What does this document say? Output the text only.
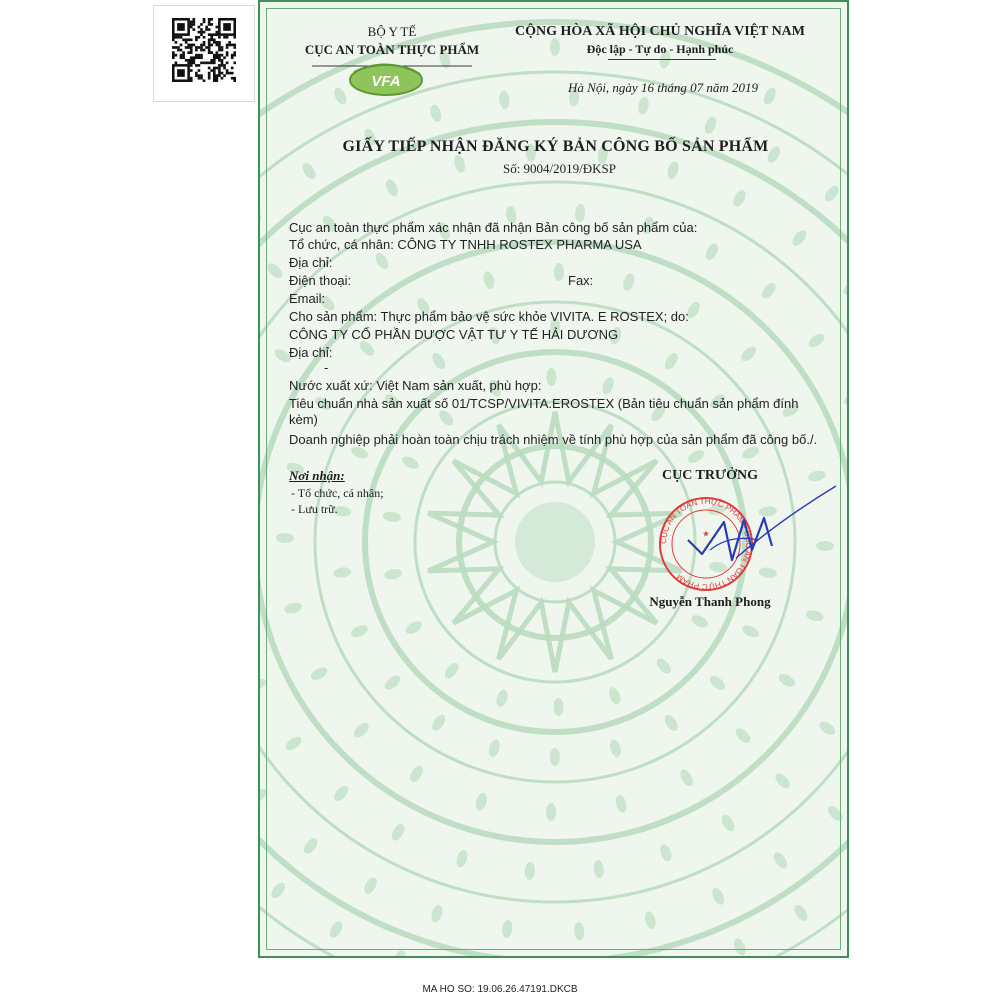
BỘ Y TẾ
CỤC AN TOÀN THỰC PHẨM
VFA
CỘNG HÒA XÃ HỘI CHỦ NGHĨA VIỆT NAM
Độc lập - Tự do - Hạnh phúc
Hà Nội, ngày 16 tháng 07 năm 2019
GIẤY TIẾP NHẬN ĐĂNG KÝ BẢN CÔNG BỐ SẢN PHẨM
Số: 9004/2019/ĐKSP
Cục an toàn thực phẩm xác nhận đã nhận Bản công bố sản phẩm của:
Tổ chức, cá nhân: CÔNG TY TNHH ROSTEX PHARMA USA
Địa chỉ:
Điện thoại:	Fax:
Email:
Cho sản phẩm: Thực phẩm bảo vệ sức khỏe VIVITA. E ROSTEX; do:
CÔNG TY CỔ PHẦN DƯỢC VẬT TƯ Y TẾ HẢI DƯƠNG
Địa chỉ:
-
Nước xuất xứ: Việt Nam sản xuất, phù hợp:
Tiêu chuẩn nhà sản xuất số 01/TCSP/VIVITA.EROSTEX (Bản tiêu chuẩn sản phẩm đính
kèm)
Doanh nghiệp phải hoàn toàn chịu trách nhiệm về tính phù hợp của sản phẩm đã công bố./.
Nơi nhận:
- Tổ chức, cá nhân;
- Lưu trữ.
CỤC TRƯỞNG
CỤC AN TOÀN THỰC PHẨM • CỤC AN TOÀN THỰC PHẨM
★
Nguyễn Thanh Phong
MA HO SO: 19.06.26.47191.DKCB
